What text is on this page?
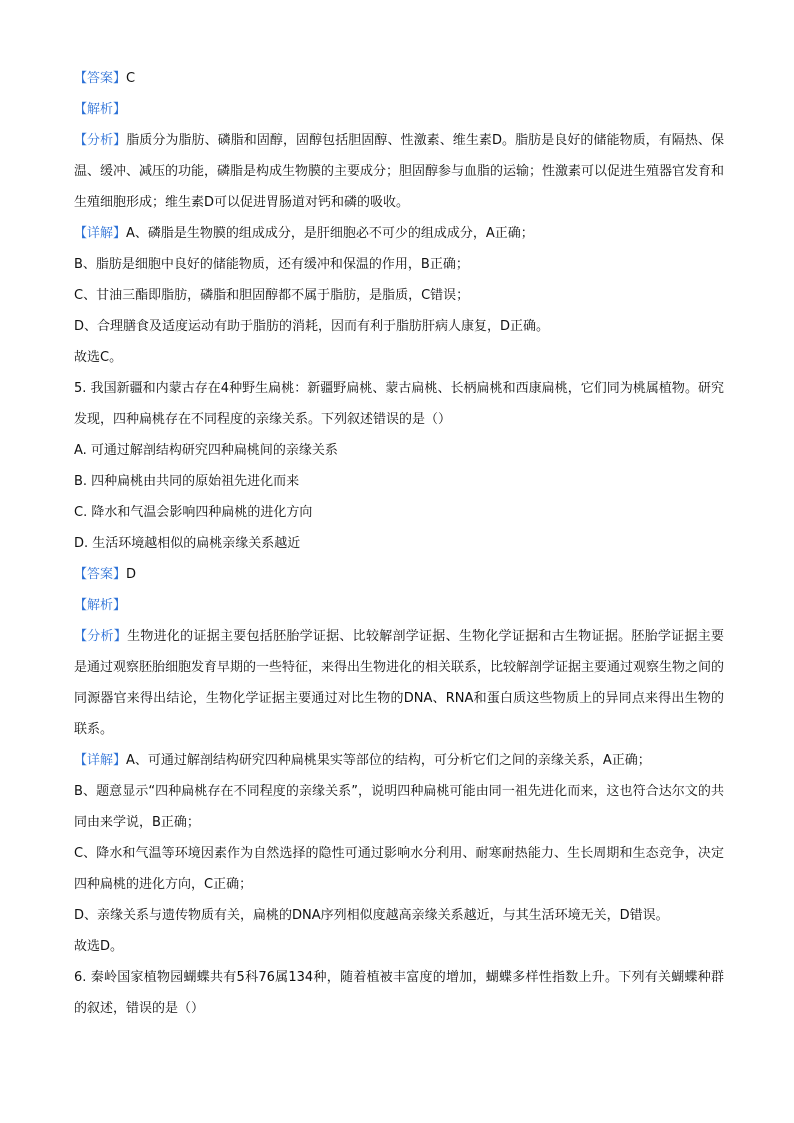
【答案】C
【解析】
【分析】脂质分为脂肪、磷脂和固醇，固醇包括胆固醇、性激素、维生素D。脂肪是良好的储能物质，有隔热、保温、缓冲、减压的功能，磷脂是构成生物膜的主要成分；胆固醇参与血脂的运输；性激素可以促进生殖器官发育和生殖细胞形成；维生素D可以促进胃肠道对钙和磷的吸收。
【详解】A、磷脂是生物膜的组成成分，是肝细胞必不可少的组成成分，A正确；
B、脂肪是细胞中良好的储能物质，还有缓冲和保温的作用，B正确；
C、甘油三酯即脂肪，磷脂和胆固醇都不属于脂肪，是脂质，C错误；
D、合理膳食及适度运动有助于脂肪的消耗，因而有利于脂肪肝病人康复，D正确。
故选C。
5. 我国新疆和内蒙古存在4种野生扁桃：新疆野扁桃、蒙古扁桃、长柄扁桃和西康扁桃，它们同为桃属植物。研究发现，四种扁桃存在不同程度的亲缘关系。下列叙述错误的是（）
A. 可通过解剖结构研究四种扁桃间的亲缘关系
B. 四种扁桃由共同的原始祖先进化而来
C. 降水和气温会影响四种扁桃的进化方向
D. 生活环境越相似的扁桃亲缘关系越近
【答案】D
【解析】
【分析】生物进化的证据主要包括胚胎学证据、比较解剖学证据、生物化学证据和古生物证据。胚胎学证据主要是通过观察胚胎细胞发育早期的一些特征，来得出生物进化的相关联系，比较解剖学证据主要通过观察生物之间的同源器官来得出结论，生物化学证据主要通过对比生物的DNA、RNA和蛋白质这些物质上的异同点来得出生物的联系。
【详解】A、可通过解剖结构研究四种扁桃果实等部位的结构，可分析它们之间的亲缘关系，A正确；
B、题意显示“四种扁桃存在不同程度的亲缘关系”，说明四种扁桃可能由同一祖先进化而来，这也符合达尔文的共同由来学说，B正确；
C、降水和气温等环境因素作为自然选择的隐性可通过影响水分利用、耐寒耐热能力、生长周期和生态竞争，决定四种扁桃的进化方向，C正确；
D、亲缘关系与遗传物质有关，扁桃的DNA序列相似度越高亲缘关系越近，与其生活环境无关，D错误。
故选D。
6. 秦岭国家植物园蝴蝶共有5科76属134种，随着植被丰富度的增加，蝴蝶多样性指数上升。下列有关蝴蝶种群的叙述，错误的是（）
